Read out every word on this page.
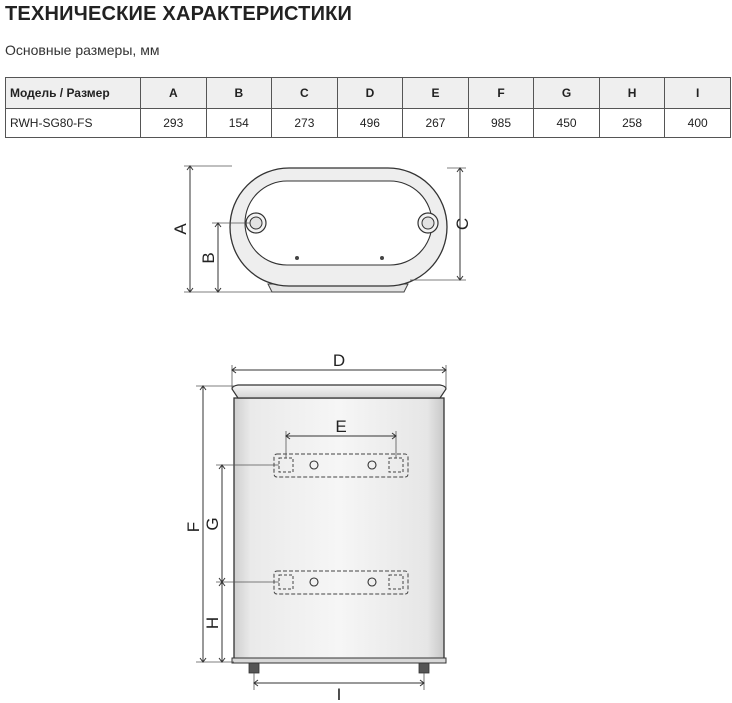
ТЕХНИЧЕСКИЕ ХАРАКТЕРИСТИКИ

Основные размеры, мм

Модель / Размер	A	B	C	D	E	F	G	H	I
RWH-SG80-FS	293	154	273	496	267	985	450	258	400
A
B
C
D
E
F G
H
I
